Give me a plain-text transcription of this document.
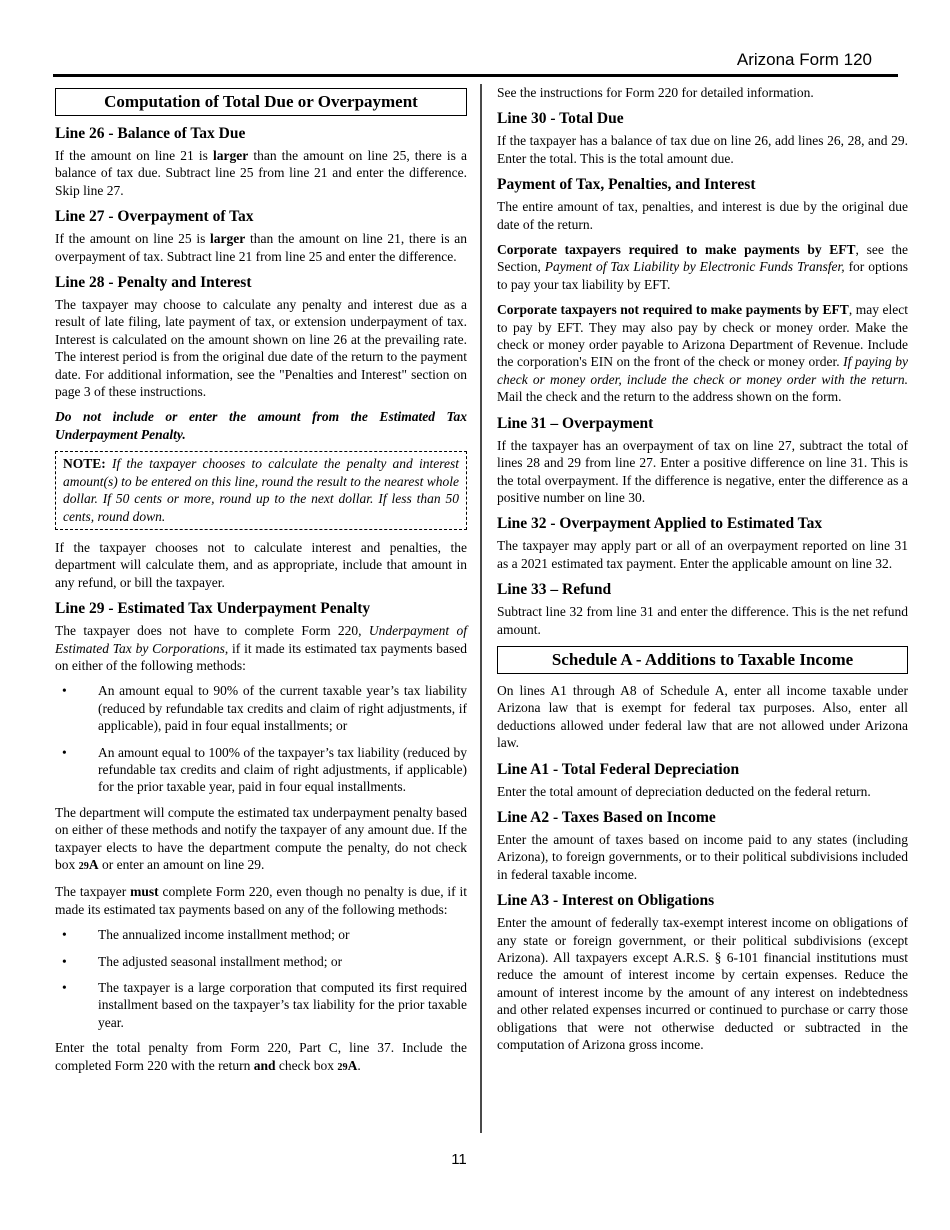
Arizona Form 120
Computation of Total Due or Overpayment
Line 26 - Balance of Tax Due
If the amount on line 21 is larger than the amount on line 25, there is a balance of tax due. Subtract line 25 from line 21 and enter the difference. Skip line 27.
Line 27 - Overpayment of Tax
If the amount on line 25 is larger than the amount on line 21, there is an overpayment of tax. Subtract line 21 from line 25 and enter the difference.
Line 28 - Penalty and Interest
The taxpayer may choose to calculate any penalty and interest due as a result of late filing, late payment of tax, or extension underpayment of tax. Interest is calculated on the amount shown on line 26 at the prevailing rate. The interest period is from the original due date of the return to the payment date. For additional information, see the "Penalties and Interest" section on page 3 of these instructions.
Do not include or enter the amount from the Estimated Tax Underpayment Penalty.
NOTE: If the taxpayer chooses to calculate the penalty and interest amount(s) to be entered on this line, round the result to the nearest whole dollar. If 50 cents or more, round up to the next dollar. If less than 50 cents, round down.
If the taxpayer chooses not to calculate interest and penalties, the department will calculate them, and as appropriate, include that amount in any refund, or bill the taxpayer.
Line 29 - Estimated Tax Underpayment Penalty
The taxpayer does not have to complete Form 220, Underpayment of Estimated Tax by Corporations, if it made its estimated tax payments based on either of the following methods:
•	An amount equal to 90% of the current taxable year’s tax liability (reduced by refundable tax credits and claim of right adjustments, if applicable), paid in four equal installments; or
•	An amount equal to 100% of the taxpayer’s tax liability (reduced by refundable tax credits and claim of right adjustments, if applicable) for the prior taxable year, paid in four equal installments.
The department will compute the estimated tax underpayment penalty based on either of these methods and notify the taxpayer of any amount due. If the taxpayer elects to have the department compute the penalty, do not check box 29A or enter an amount on line 29.
The taxpayer must complete Form 220, even though no penalty is due, if it made its estimated tax payments based on any of the following methods:
•	The annualized income installment method; or
•	The adjusted seasonal installment method; or
•	The taxpayer is a large corporation that computed its first required installment based on the taxpayer’s tax liability for the prior taxable year.
Enter the total penalty from Form 220, Part C, line 37. Include the completed Form 220 with the return and check box 29A.
See the instructions for Form 220 for detailed information.
Line 30 - Total Due
If the taxpayer has a balance of tax due on line 26, add lines 26, 28, and 29. Enter the total. This is the total amount due.
Payment of Tax, Penalties, and Interest
The entire amount of tax, penalties, and interest is due by the original due date of the return.
Corporate taxpayers required to make payments by EFT, see the Section, Payment of Tax Liability by Electronic Funds Transfer, for options to pay your tax liability by EFT.
Corporate taxpayers not required to make payments by EFT, may elect to pay by EFT. They may also pay by check or money order. Make the check or money order payable to Arizona Department of Revenue. Include the corporation's EIN on the front of the check or money order. If paying by check or money order, include the check or money order with the return. Mail the check and the return to the address shown on the form.
Line 31 – Overpayment
If the taxpayer has an overpayment of tax on line 27, subtract the total of lines 28 and 29 from line 27. Enter a positive difference on line 31. This is the total overpayment. If the difference is negative, enter the difference as a positive number on line 30.
Line 32 - Overpayment Applied to Estimated Tax
The taxpayer may apply part or all of an overpayment reported on line 31 as a 2021 estimated tax payment. Enter the applicable amount on line 32.
Line 33 – Refund
Subtract line 32 from line 31 and enter the difference. This is the net refund amount.
Schedule A - Additions to Taxable Income
On lines A1 through A8 of Schedule A, enter all income taxable under Arizona law that is exempt for federal tax purposes. Also, enter all deductions allowed under federal law that are not allowed under Arizona law.
Line A1 - Total Federal Depreciation
Enter the total amount of depreciation deducted on the federal return.
Line A2 - Taxes Based on Income
Enter the amount of taxes based on income paid to any states (including Arizona), to foreign governments, or to their political subdivisions included in federal taxable income.
Line A3 - Interest on Obligations
Enter the amount of federally tax-exempt interest income on obligations of any state or foreign government, or their political subdivisions (except Arizona). All taxpayers except A.R.S. § 6-101 financial institutions must reduce the amount of interest income by certain expenses. Reduce the amount of interest income by the amount of any interest on indebtedness and other related expenses incurred or continued to purchase or carry those obligations that were not otherwise deducted or subtracted in the computation of Arizona gross income.
11
